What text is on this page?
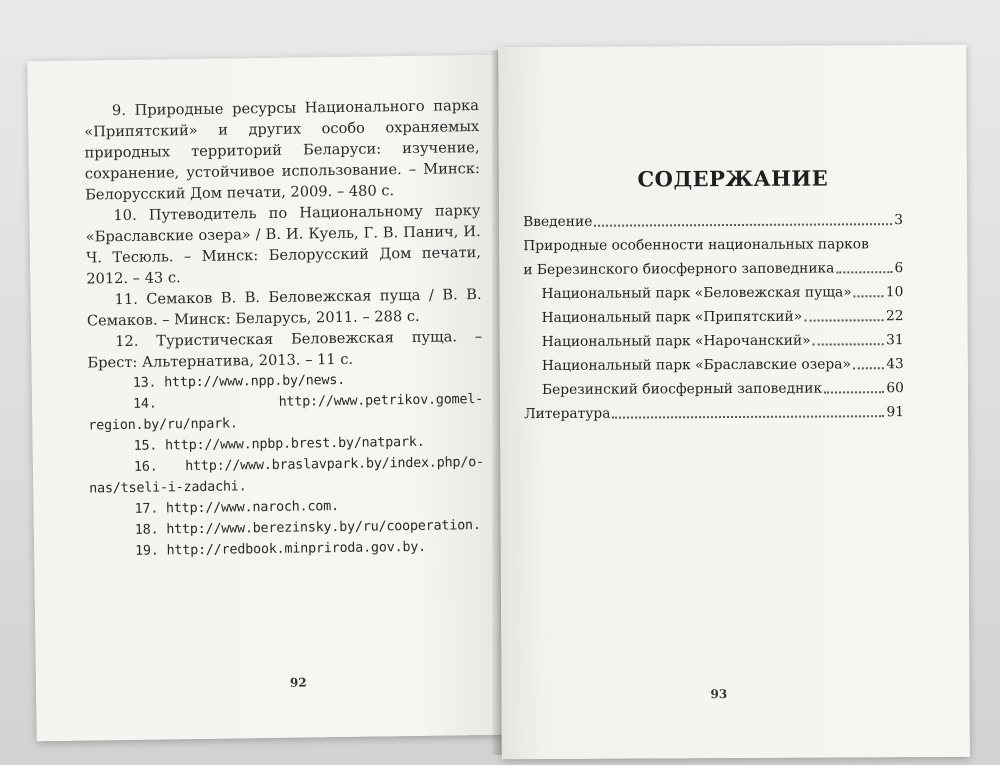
9. Природные ресурсы Национального парка «Припятский» и других особо охраняемых природных территорий Беларуси: изучение, сохранение, устойчивое использование. – Минск: Белорусский Дом печати, 2009. – 480 с.

10. Путеводитель по Национальному парку «Браславские озера» / В. И. Куель, Г. В. Панич, И. Ч. Тесюль. – Минск: Белорусский Дом печати, 2012. – 43 с.

11. Семаков В. В. Беловежская пуща / В. В. Семаков. – Минск: Беларусь, 2011. – 288 с.

12. Туристическая Беловежская пуща. – Брест: Альтернатива, 2013. – 11 с.

13. http://www.npp.by/news.

14. http://www.petrikov.gomel-region.by/ru/npark.

15. http://www.npbp.brest.by/natpark.

16. http://www.braslavpark.by/index.php/o-nas/tseli-i-zadachi.

17. http://www.naroch.com.

18. http://www.berezinsky.by/ru/cooperation.

19. http://redbook.minpriroda.gov.by.

92
СОДЕРЖАНИЕ
Введение	3
Природные особенности национальных парков
и Березинского биосферного заповедника	6
Национальный парк «Беловежская пуща» 10
Национальный парк «Припятский»	22
Национальный парк «Нарочанский»	31
Национальный парк «Браславские озера»	43
Березинский биосферный заповедник	60
Литература	91
93
